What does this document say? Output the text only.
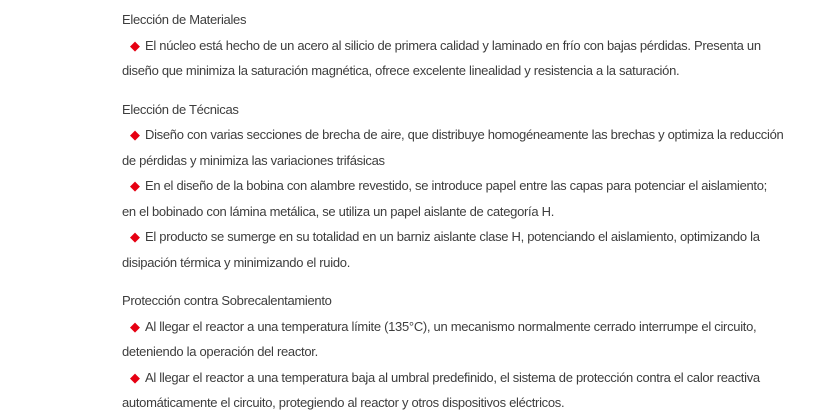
Elección de Materiales
◆ El núcleo está hecho de un acero al silicio de primera calidad y laminado en frío con bajas pérdidas. Presenta un
diseño que minimiza la saturación magnética, ofrece excelente linealidad y resistencia a la saturación.
Elección de Técnicas
◆ Diseño con varias secciones de brecha de aire, que distribuye homogéneamente las brechas y optimiza la reducción
de pérdidas y minimiza las variaciones trifásicas
◆ En el diseño de la bobina con alambre revestido, se introduce papel entre las capas para potenciar el aislamiento;
en el bobinado con lámina metálica, se utiliza un papel aislante de categoría H.
◆ El producto se sumerge en su totalidad en un barniz aislante clase H, potenciando el aislamiento, optimizando la
disipación térmica y minimizando el ruido.
Protección contra Sobrecalentamiento
◆ Al llegar el reactor a una temperatura límite (135°C), un mecanismo normalmente cerrado interrumpe el circuito,
deteniendo la operación del reactor.
◆ Al llegar el reactor a una temperatura baja al umbral predefinido, el sistema de protección contra el calor reactiva
automáticamente el circuito, protegiendo al reactor y otros dispositivos eléctricos.
